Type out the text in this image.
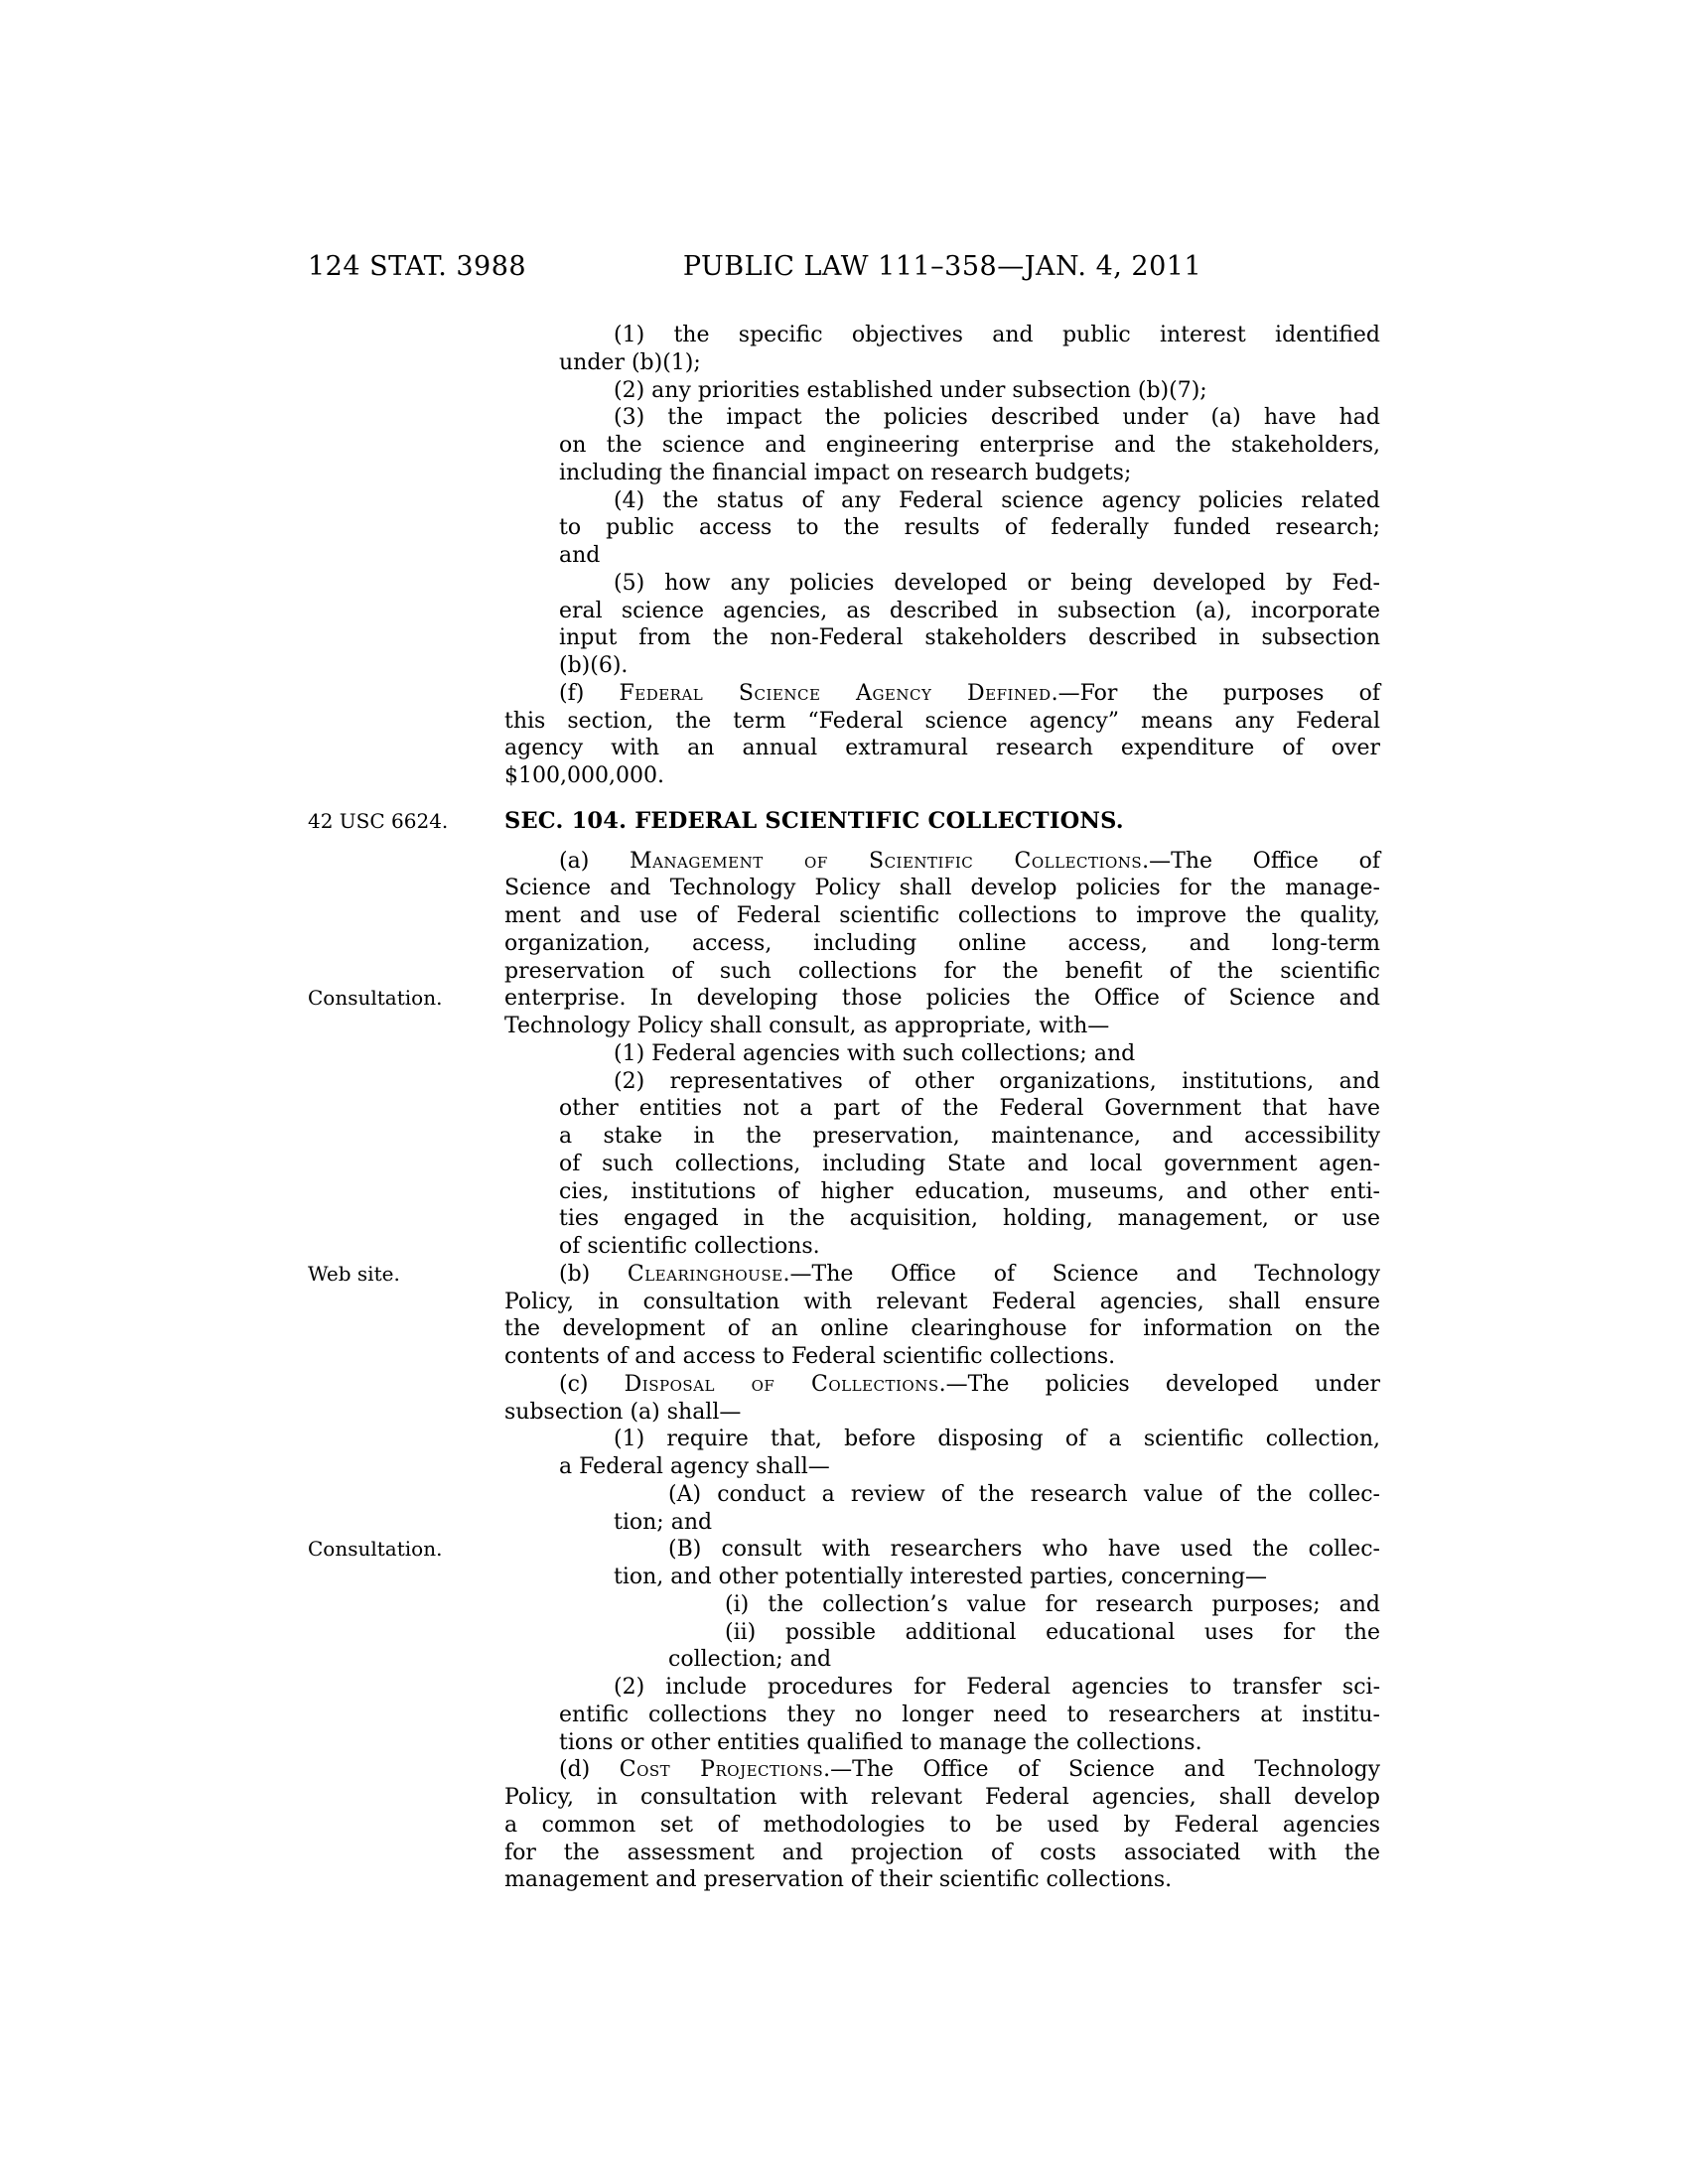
124 STAT. 3988	PUBLIC LAW 111–358—JAN. 4, 2011
(1) the specific objectives and public interest identified
under (b)(1);
(2) any priorities established under subsection (b)(7);
(3) the impact the policies described under (a) have had
on the science and engineering enterprise and the stakeholders,
including the financial impact on research budgets;
(4) the status of any Federal science agency policies related
to public access to the results of federally funded research;
and
(5) how any policies developed or being developed by Fed-
eral science agencies, as described in subsection (a), incorporate
input from the non-Federal stakeholders described in subsection
(b)(6).
(f) Federal Science Agency Defined.—For the purposes of
this section, the term “Federal science agency” means any Federal
agency with an annual extramural research expenditure of over
$100,000,000.
SEC. 104. FEDERAL SCIENTIFIC COLLECTIONS.
(a) Management of Scientific Collections.—The Office of
Science and Technology Policy shall develop policies for the manage-
ment and use of Federal scientific collections to improve the quality,
organization, access, including online access, and long-term
preservation of such collections for the benefit of the scientific
enterprise. In developing those policies the Office of Science and
Technology Policy shall consult, as appropriate, with—
(1) Federal agencies with such collections; and
(2) representatives of other organizations, institutions, and
other entities not a part of the Federal Government that have
a stake in the preservation, maintenance, and accessibility
of such collections, including State and local government agen-
cies, institutions of higher education, museums, and other enti-
ties engaged in the acquisition, holding, management, or use
of scientific collections.
(b) Clearinghouse.—The Office of Science and Technology
Policy, in consultation with relevant Federal agencies, shall ensure
the development of an online clearinghouse for information on the
contents of and access to Federal scientific collections.
(c) Disposal of Collections.—The policies developed under
subsection (a) shall—
(1) require that, before disposing of a scientific collection,
a Federal agency shall—
(A) conduct a review of the research value of the collec-
tion; and
(B) consult with researchers who have used the collec-
tion, and other potentially interested parties, concerning—
(i) the collection’s value for research purposes; and
(ii) possible additional educational uses for the
collection; and
(2) include procedures for Federal agencies to transfer sci-
entific collections they no longer need to researchers at institu-
tions or other entities qualified to manage the collections.
(d) Cost Projections.—The Office of Science and Technology
Policy, in consultation with relevant Federal agencies, shall develop
a common set of methodologies to be used by Federal agencies
for the assessment and projection of costs associated with the
management and preservation of their scientific collections.
42 USC 6624.
Consultation.
Web site.
Consultation.
